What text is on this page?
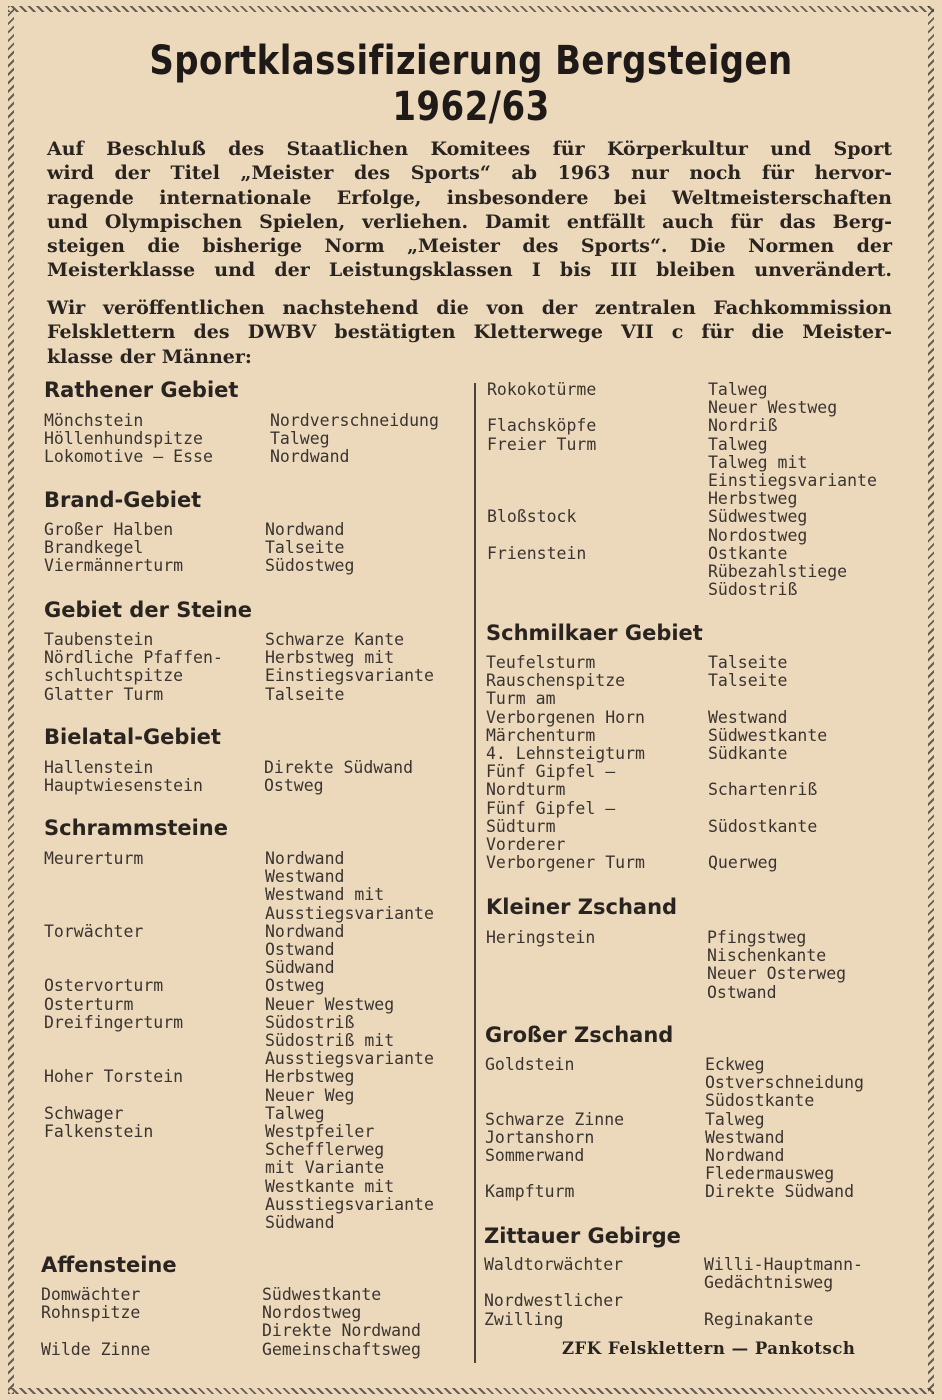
Sportklassifizierung Bergsteigen 1962/63
Auf Beschluß des Staatlichen Komitees für Körperkultur und Sport
wird der Titel „Meister des Sports“ ab 1963 nur noch für hervor-
ragende internationale Erfolge, insbesondere bei Weltmeisterschaften
und Olympischen Spielen, verliehen. Damit entfällt auch für das Berg-
steigen die bisherige Norm „Meister des Sports“. Die Normen der
Meisterklasse und der Leistungsklassen I bis III bleiben unverändert.
Wir veröffentlichen nachstehend die von der zentralen Fachkommission
Felsklettern des DWBV bestätigten Kletterwege VII c für die Meister-
klasse der Männer:
Rathener Gebiet
Mönchstein	Nordverschneidung
Höllenhundspitze	Talweg
Lokomotive – Esse	Nordwand
Brand-Gebiet
Großer Halben	Nordwand
Brandkegel	Talseite
Viermännerturm	Südostweg
Gebiet der Steine
Taubenstein	Schwarze Kante
Nördliche Pfaffen-	Herbstweg mit
schluchtspitze	Einstiegsvariante
Glatter Turm	Talseite
Bielatal-Gebiet
Hallenstein	Direkte Südwand
Hauptwiesenstein	Ostweg
Schrammsteine
Meurerturm	Nordwand
Westwand
Westwand mit
Ausstiegsvariante
Torwächter	Nordwand
Ostwand
Südwand
Ostervorturm	Ostweg
Osterturm	Neuer Westweg
Dreifingerturm	Südostriß
Südostriß mit
Ausstiegsvariante
Hoher Torstein	Herbstweg
Neuer Weg
Schwager	Talweg
Falkenstein	Westpfeiler
Schefflerweg
mit Variante
Westkante mit
Ausstiegsvariante
Südwand
Affensteine
Domwächter	Südwestkante
Rohnspitze	Nordostweg
Direkte Nordwand
Wilde Zinne	Gemeinschaftsweg
Rokokotürme	Talweg
Neuer Westweg
Flachsköpfe	Nordriß
Freier Turm	Talweg
Talweg mit
Einstiegsvariante
Herbstweg
Bloßstock	Südwestweg
Nordostweg
Frienstein	Ostkante
Rübezahlstiege
Südostriß
Schmilkaer Gebiet
Teufelsturm	Talseite
Rauschenspitze	Talseite
Turm am
Verborgenen Horn	Westwand
Märchenturm	Südwestkante
4. Lehnsteigturm	Südkante
Fünf Gipfel –
Nordturm	Schartenriß
Fünf Gipfel –
Südturm	Südostkante
Vorderer
Verborgener Turm	Querweg
Kleiner Zschand
Heringstein	Pfingstweg
Nischenkante
Neuer Osterweg
Ostwand
Großer Zschand
Goldstein	Eckweg
Ostverschneidung
Südostkante
Schwarze Zinne	Talweg
Jortanshorn	Westwand
Sommerwand	Nordwand
Fledermausweg
Kampfturm	Direkte Südwand
Zittauer Gebirge
Waldtorwächter	Willi-Hauptmann-
Gedächtnisweg
Nordwestlicher
Zwilling	Reginakante
ZFK Felsklettern — Pankotsch
